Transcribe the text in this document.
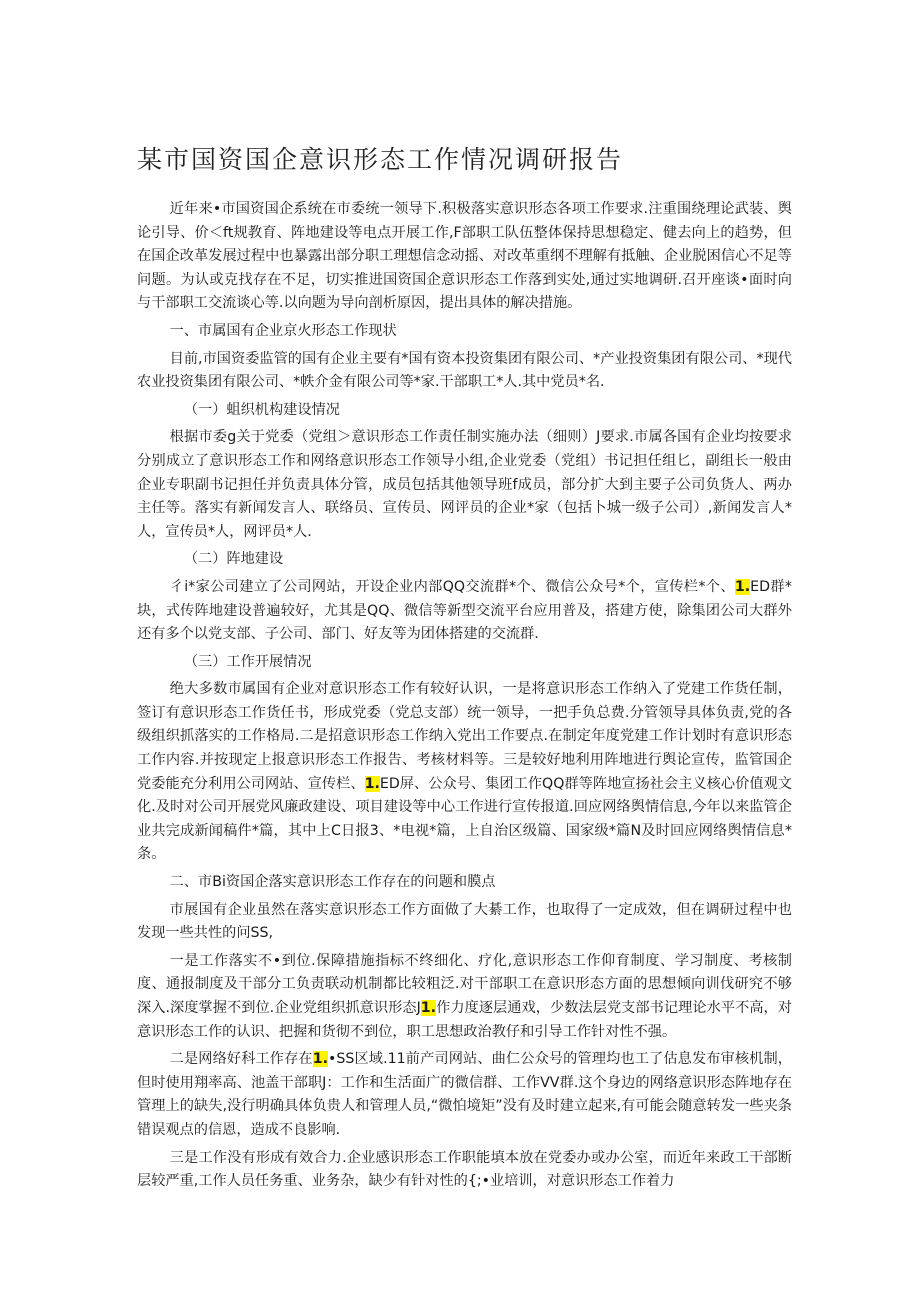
某市国资国企意识形态工作情况调研报告

近年来•市国资国企系统在市委统一领导下.积极落实意识形态各项工作要求.注重围绕理论武装、舆论引导、价＜ft规教育、阵地建设等电点开展工作,F部职工队伍整体保持思想稳定、健去向上的趋势，但在国企改革发展过程中也暴露出部分职工理想信念动摇、对改革重纲不理解有抵触、企业脱困信心不足等问题。为认或克找存在不足，切实推进国资国企意识形态工作落到实处,通过实地调研.召开座谈•面时向与干部职工交流谈心等.以向题为导向剖析原因，提出具体的解决措施。

一、市属国有企业京火形态工作现状

目前,市国资委监管的国有企业主要有*国有资本投资集团有限公司、*产业投资集团有限公司、*现代农业投资集团有限公司、*帙介金有限公司等*家.干部职工*人.其中党员*名.

（一）蛆织机构建设情况

根据市委g关于党委（党组＞意识形态工作责任制实施办法（细则）J要求.市属各国有企业均按要求分别成立了意识形态工作和网络意识形态工作领导小组,企业党委（党组）书记担任组匕，副组长一般由企业专职副书记担任并负责具体分管，成员包括其他领导班f成员，部分扩大到主要子公司负货人、两办主任等。落实有新闻发言人、联络员、宣传员、网评员的企业*家（包括卜城一级子公司）,新闻发言人*人，宣传员*人，网评员*人.

（二）阵地建设

彳i*家公司建立了公司网站，开设企业内部QQ交流群*个、微信公众号*个，宣传栏*个、1.ED群*块，式传阵地建设普遍较好，尤其是QQ、微信等新型交流平台应用普及，搭建方使，除集团公司大群外还有多个以党支部、子公司、部门、好友等为团体搭建的交流群.

（三）工作开展情况

绝大多数市属国有企业对意识形态工作有较好认识，一是将意识形态工作纳入了党建工作货任制，签订有意识形态工作货任书，形成党委（党总支部）统一领导，一把手负总费.分管领导具体负责,党的各级组织抓落实的工作格局.二是招意识形态工作纳入党出工作要点.在制定年度党建工作计划时有意识形态工作内容.并按现定上报意识形态工作报告、考核材料等。三是较好地利用阵地进行舆论宣传，监管国企党委能充分利用公司网站、宣传栏、1.ED屏、公众号、集团工作QQ群等阵地宣扬社会主义核心价值观文化.及时对公司开展党风廉政建设、项目建设等中心工作进行宣传报道.回应网络舆情信息,今年以来监管企业共完成新闻稿件*篇，其中上C日报3、*电视*篇，上自治区级篇、国家级*篇N及时回应网络舆情信息*条。

二、市Bi资国企落实意识形态工作存在的问题和膜点

市展国有企业虽然在落实意识形态工作方面做了大綦工作，也取得了一定成效，但在调研过程中也发现一些共性的问SS,

一是工作落实不•到位.保障措施指标不终细化、疗化,意识形态工作仰育制度、学习制度、考核制度、通报制度及干部分工负责联动机制都比较粗泛.对干部职工在意识形态方面的思想倾向训伐研究不够深入.深度掌握不到位.企业党组织抓意识形态J1.作力度逐层通戏，少数法层党支部书记理论水平不高，对意识形态工作的认识、把握和货彻不到位，职工思想政治教仔和引导工作针对性不强。

二是网络好科工作存在1.•SS区域.11前产司网站、曲仁公众号的管理均也工了估息发布审核机制，但时使用翔率高、池盖干部职J：工作和生活面广的微信群、工作VV群.这个身边的网络意识形态阵地存在管理上的缺失,没行明确具体负贵人和管理人员,“微怕境矩”没有及时建立起来,有可能会随意转发一些夹条错误观点的信恩，造成不良影响.

三是工作没有形成有效合力.企业感识形态工作职能填本放在党委办或办公室，而近年来政工干部断层较严重,工作人员任务重、业务杂，缺少有针对性的{;•业培训，对意识形态工作着力
